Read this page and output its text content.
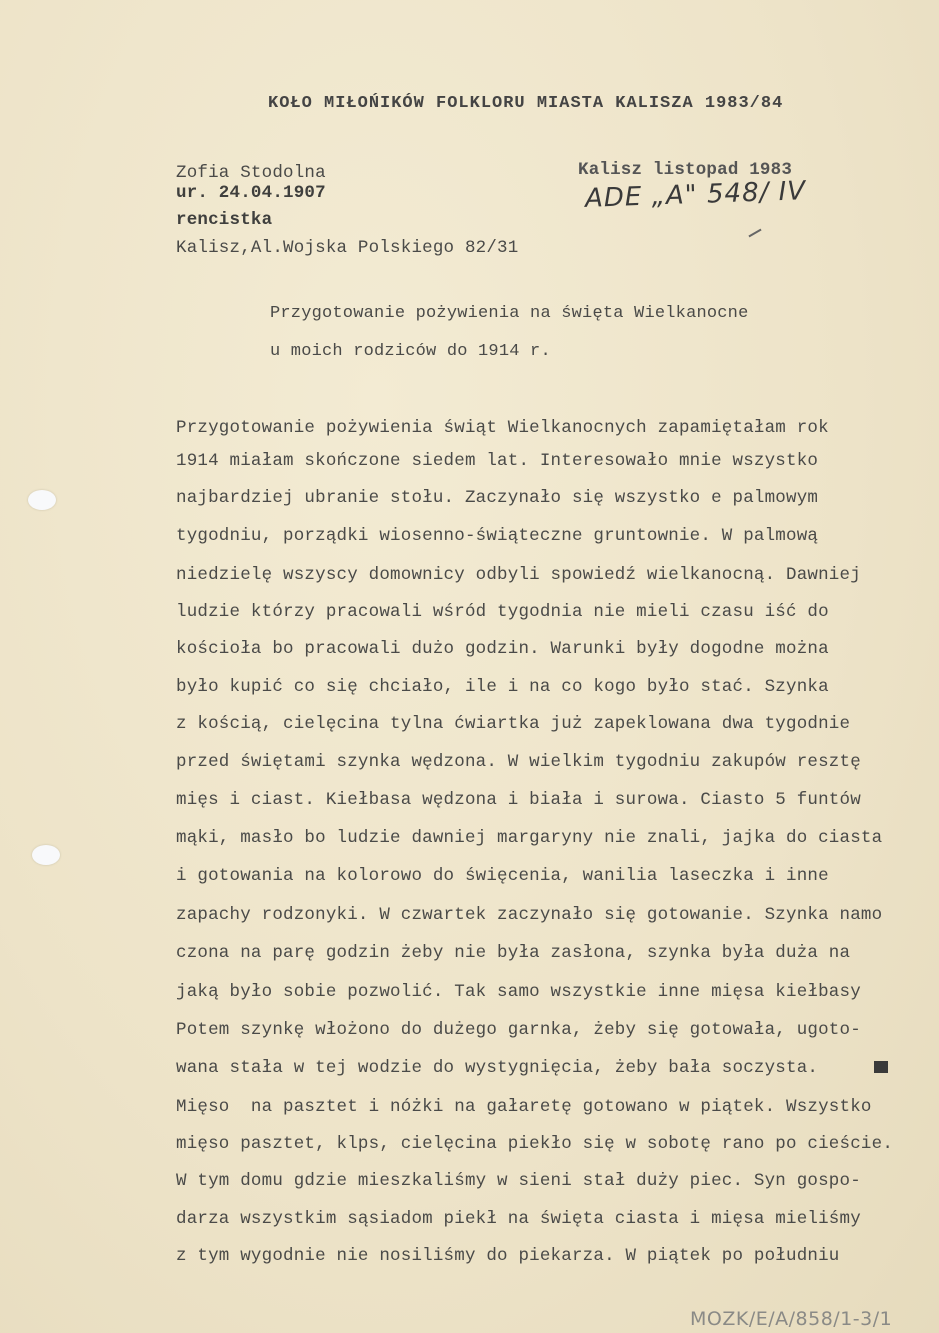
KOŁO MIŁOŃIKÓW FOLKLORU MIASTA KALISZA 1983/84
Zofia Stodolna
ur. 24.04.1907
rencistka
Kalisz,Al.Wojska Polskiego 82/31
Kalisz listopad 1983
ADE „A" 548/ IV
Przygotowanie pożywienia na święta Wielkanocne
u moich rodziców do 1914 r.
Przygotowanie pożywienia świąt Wielkanocnych zapamiętałam rok
1914 miałam skończone siedem lat. Interesowało mnie wszystko
najbardziej ubranie stołu. Zaczynało się wszystko e palmowym
tygodniu, porządki wiosenno-świąteczne gruntownie. W palmową
niedzielę wszyscy domownicy odbyli spowiedź wielkanocną. Dawniej
ludzie którzy pracowali wśród tygodnia nie mieli czasu iść do
kościoła bo pracowali dużo godzin. Warunki były dogodne można
było kupić co się chciało, ile i na co kogo było stać. Szynka
z kością, cielęcina tylna ćwiartka już zapeklowana dwa tygodnie
przed świętami szynka wędzona. W wielkim tygodniu zakupów resztę
mięs i ciast. Kiełbasa wędzona i biała i surowa. Ciasto 5 funtów
mąki, masło bo ludzie dawniej margaryny nie znali, jajka do ciasta
i gotowania na kolorowo do święcenia, wanilia laseczka i inne
zapachy rodzonyki. W czwartek zaczynało się gotowanie. Szynka namo
czona na parę godzin żeby nie była zasłona, szynka była duża na
jaką było sobie pozwolić. Tak samo wszystkie inne mięsa kiełbasy
Potem szynkę włożono do dużego garnka, żeby się gotowała, ugoto-
wana stała w tej wodzie do wystygnięcia, żeby bała soczysta.
Mięso  na pasztet i nóżki na gałaretę gotowano w piątek. Wszystko
mięso pasztet, klps, cielęcina piekło się w sobotę rano po cieście.
W tym domu gdzie mieszkaliśmy w sieni stał duży piec. Syn gospo-
darza wszystkim sąsiadom piekł na święta ciasta i mięsa mieliśmy
z tym wygodnie nie nosiliśmy do piekarza. W piątek po południu
MOZK/E/A/858/1-3/1
